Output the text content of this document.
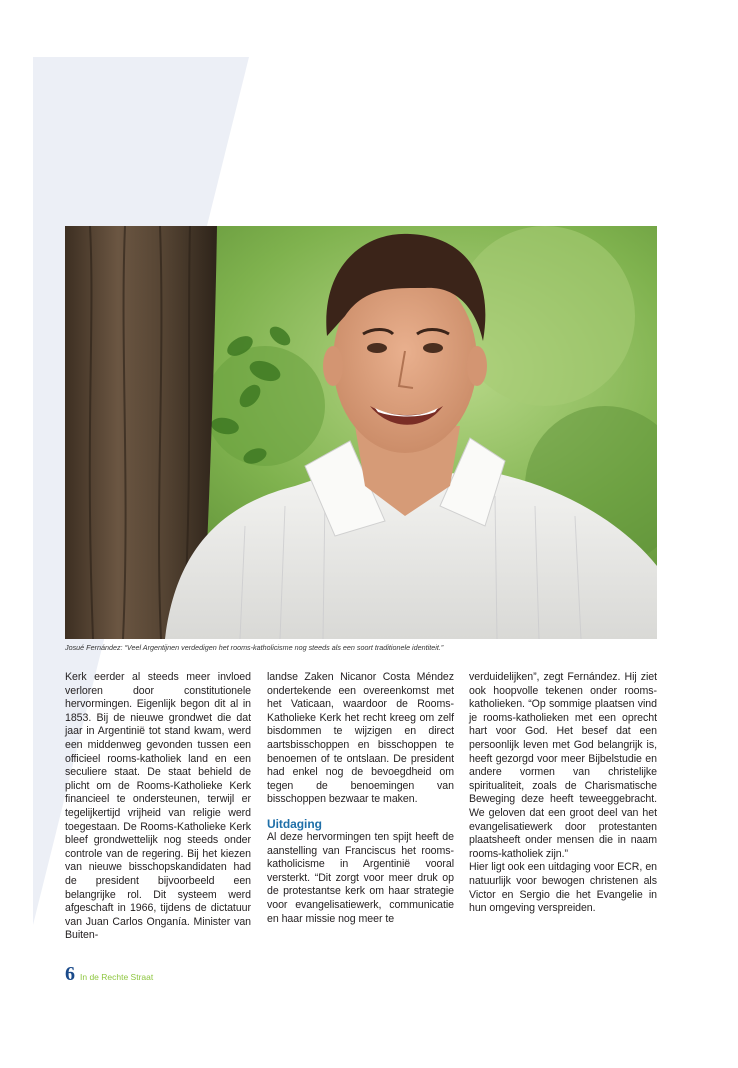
Josué Fernández: “Veel Argentijnen verdedigen het rooms-katholicisme nog steeds als een soort traditionele identiteit.”

Kerk eerder al steeds meer invloed verloren door constitutionele hervormingen. Eigenlijk begon dit al in 1853. Bij de nieuwe grondwet die dat jaar in Argentinië tot stand kwam, werd een middenweg gevonden tussen een officieel rooms-katholiek land en een seculiere staat. De staat behield de plicht om de Rooms-Katholieke Kerk financieel te ondersteunen, terwijl er tegelijkertijd vrijheid van religie werd toegestaan. De Rooms-Katholieke Kerk bleef grondwettelijk nog steeds onder controle van de regering. Bij het kiezen van nieuwe bisschopskandidaten had de president bijvoorbeeld een belangrijke rol. Dit systeem werd afgeschaft in 1966, tijdens de dictatuur van Juan Carlos Onganía. Minister van Buiten-

landse Zaken Nicanor Costa Méndez ondertekende een overeenkomst met het Vaticaan, waardoor de Rooms-Katholieke Kerk het recht kreeg om zelf bisdommen te wijzigen en direct aartsbisschoppen en bisschoppen te benoemen of te ontslaan. De president had enkel nog de bevoegdheid om tegen de benoemingen van bisschoppen bezwaar te maken.

Uitdaging

Al deze hervormingen ten spijt heeft de aanstelling van Franciscus het rooms-katholicisme in Argentinië vooral versterkt. “Dit zorgt voor meer druk op de protestantse kerk om haar strategie voor evangelisatiewerk, communicatie en haar missie nog meer te

verduidelijken”, zegt Fernández. Hij ziet ook hoopvolle tekenen onder rooms-katholieken. “Op sommige plaatsen vind je rooms-katholieken met een oprecht hart voor God. Het besef dat een persoonlijk leven met God belangrijk is, heeft gezorgd voor meer Bijbelstudie en andere vormen van christelijke spiritualiteit, zoals de Charismatische Beweging deze heeft teweeggebracht. We geloven dat een groot deel van het evangelisatiewerk door protestanten plaatsheeft onder mensen die in naam rooms-katholiek zijn.”

Hier ligt ook een uitdaging voor ECR, en natuurlijk voor bewogen christenen als Victor en Sergio die het Evangelie in hun omgeving verspreiden.

6 In de Rechte Straat
